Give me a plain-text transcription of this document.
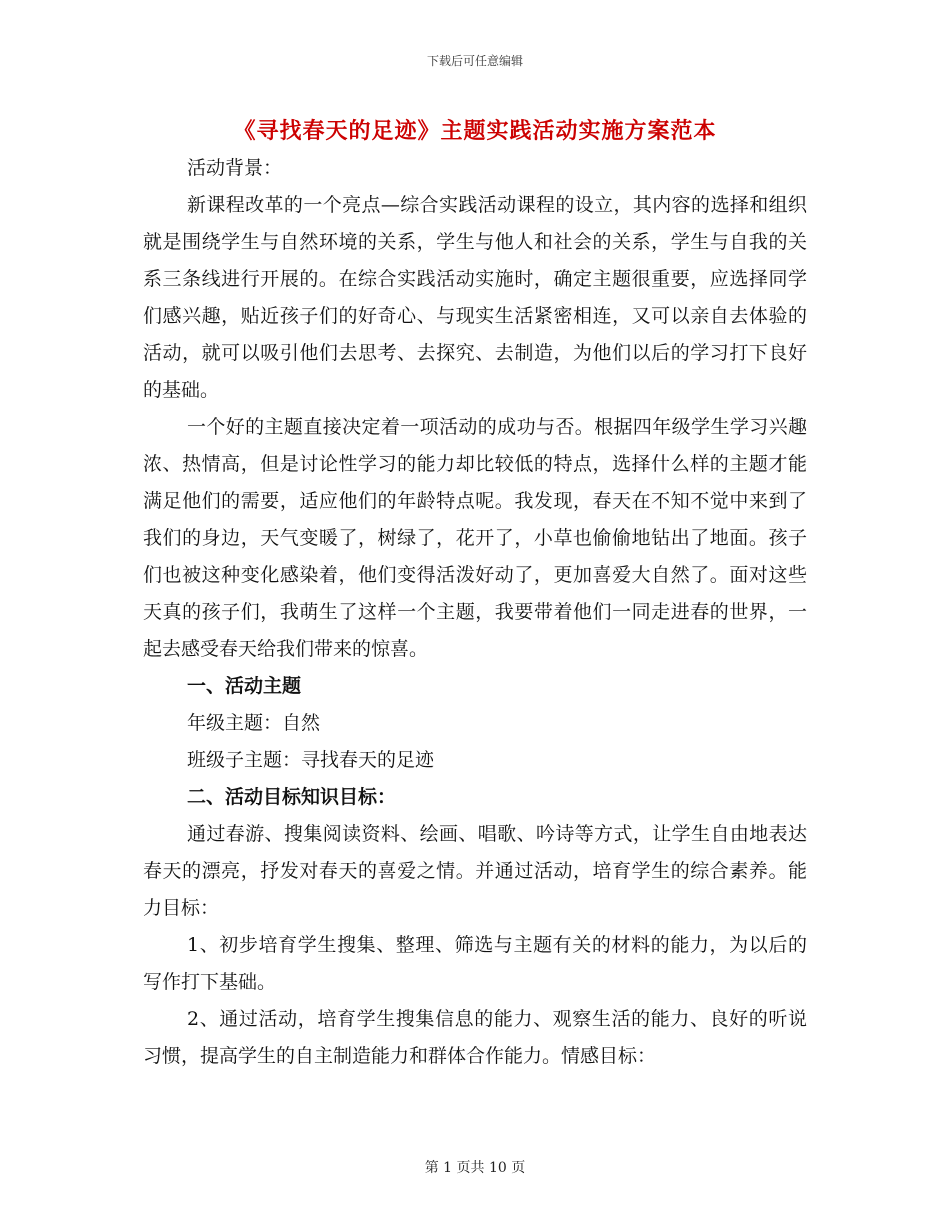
下载后可任意编辑
《寻找春天的足迹》主题实践活动实施方案范本

活动背景：

新课程改革的一个亮点—综合实践活动课程的设立，其内容的选择和组织就是围绕学生与自然环境的关系，学生与他人和社会的关系，学生与自我的关系三条线进行开展的。在综合实践活动实施时，确定主题很重要，应选择同学们感兴趣，贴近孩子们的好奇心、与现实生活紧密相连，又可以亲自去体验的活动，就可以吸引他们去思考、去探究、去制造，为他们以后的学习打下良好的基础。

一个好的主题直接决定着一项活动的成功与否。根据四年级学生学习兴趣浓、热情高，但是讨论性学习的能力却比较低的特点，选择什么样的主题才能满足他们的需要，适应他们的年龄特点呢。我发现，春天在不知不觉中来到了我们的身边，天气变暖了，树绿了，花开了，小草也偷偷地钻出了地面。孩子们也被这种变化感染着，他们变得活泼好动了，更加喜爱大自然了。面对这些天真的孩子们，我萌生了这样一个主题，我要带着他们一同走进春的世界，一起去感受春天给我们带来的惊喜。

一、活动主题

年级主题：自然

班级子主题：寻找春天的足迹

二、活动目标知识目标：

通过春游、搜集阅读资料、绘画、唱歌、吟诗等方式，让学生自由地表达春天的漂亮，抒发对春天的喜爱之情。并通过活动，培育学生的综合素养。能力目标：

1、初步培育学生搜集、整理、筛选与主题有关的材料的能力，为以后的写作打下基础。

2、通过活动，培育学生搜集信息的能力、观察生活的能力、良好的听说习惯，提高学生的自主制造能力和群体合作能力。情感目标：

第 1 页共 10 页
